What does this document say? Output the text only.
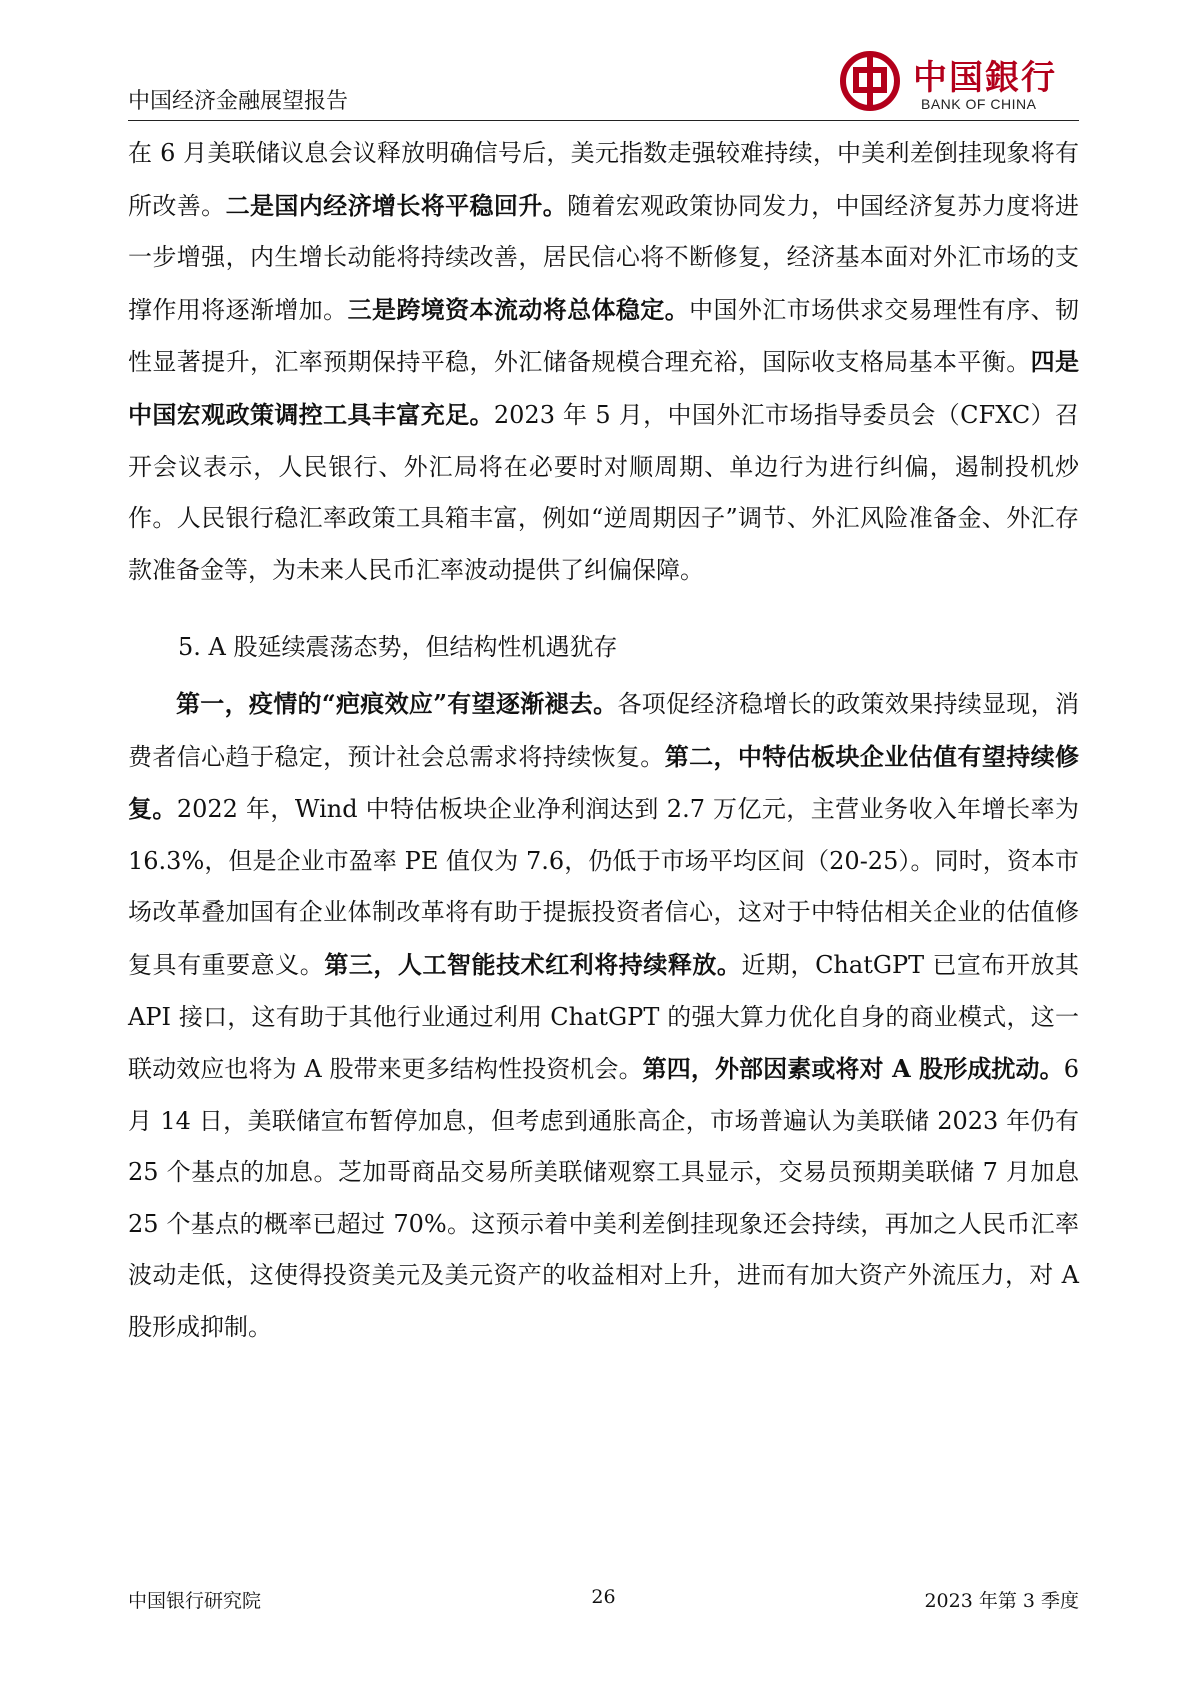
中国经济金融展望报告
中国銀行
BANK OF CHINA

在 6 月美联储议息会议释放明确信号后，美元指数走强较难持续，中美利差倒挂现象将有所改善。二是国内经济增长将平稳回升。随着宏观政策协同发力，中国经济复苏力度将进一步增强，内生增长动能将持续改善，居民信心将不断修复，经济基本面对外汇市场的支撑作用将逐渐增加。三是跨境资本流动将总体稳定。中国外汇市场供求交易理性有序、韧性显著提升，汇率预期保持平稳，外汇储备规模合理充裕，国际收支格局基本平衡。四是中国宏观政策调控工具丰富充足。2023 年 5 月，中国外汇市场指导委员会（CFXC）召开会议表示，人民银行、外汇局将在必要时对顺周期、单边行为进行纠偏，遏制投机炒作。人民银行稳汇率政策工具箱丰富，例如“逆周期因子”调节、外汇风险准备金、外汇存款准备金等，为未来人民币汇率波动提供了纠偏保障。

5. A 股延续震荡态势，但结构性机遇犹存

第一，疫情的“疤痕效应”有望逐渐褪去。各项促经济稳增长的政策效果持续显现，消费者信心趋于稳定，预计社会总需求将持续恢复。第二，中特估板块企业估值有望持续修复。2022 年，Wind 中特估板块企业净利润达到 2.7 万亿元，主营业务收入年增长率为 16.3%，但是企业市盈率 PE 值仅为 7.6，仍低于市场平均区间（20-25）。同时，资本市场改革叠加国有企业体制改革将有助于提振投资者信心，这对于中特估相关企业的估值修复具有重要意义。第三，人工智能技术红利将持续释放。近期，ChatGPT 已宣布开放其 API 接口，这有助于其他行业通过利用 ChatGPT 的强大算力优化自身的商业模式，这一联动效应也将为 A 股带来更多结构性投资机会。第四，外部因素或将对 A 股形成扰动。6 月 14 日，美联储宣布暂停加息，但考虑到通胀高企，市场普遍认为美联储 2023 年仍有 25 个基点的加息。芝加哥商品交易所美联储观察工具显示，交易员预期美联储 7 月加息 25 个基点的概率已超过 70%。这预示着中美利差倒挂现象还会持续，再加之人民币汇率波动走低，这使得投资美元及美元资产的收益相对上升，进而有加大资产外流压力，对 A 股形成抑制。

中国银行研究院	26	2023 年第 3 季度
